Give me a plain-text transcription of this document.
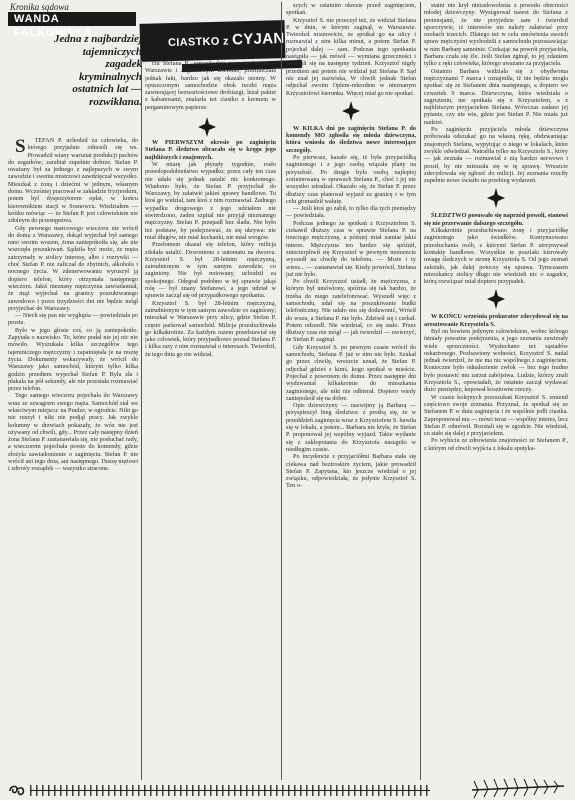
Kronika sądowa
WANDA FALKOWSKA
CIASTKO z CYJANKIEM
Jedna z najbardziej tajemniczych zagadek kryminalnych ostatnich lat — rozwikłana.

S TEFAN P. uchodził za człowieka, do którego przyjaźnie odnosili się ws. Prowadził wiany warsztat produkcji pachów do zegarków; zarabiał zupełnie dobrze. Stefan P. uważany był za jednego z najlepszych w swym zawodzie i swemu mistrzowi zawdzięczał wszystko. Mieszkał z żoną i dziećmi w jednym, własnym domu. Wcześniej pracował w zakładzie fryzjerskim, potem był dyspozytorem opłat, w końcu kierownikiem stacji w Sosnowcu. Wiedziałem — krótko mówiąc — że Stefan P. jest człowiekiem nie zdolnym do przestępstwa.

Gdy pewnego marcowego wieczoru nie wrócił do domu z Warszawy, dokąd wyjechał był samego rano swoim wozem, żona zaniepokoiła się, ale nie wszczęła poszukiwań. Sądziła być może, że męża zatrzymały w stolicy interesy, albo i rozrywki — choć Stefan P. nie zaliczał do zbytnich, alkoholu i nocnego życia. W zdenerwowaniu wyruszył ją dopiero telefon, który otrzymała następnego wieczoru. Jakiś nieznany mężczyzna zawiadamiał, że mąż wyjechał na granicy poszukiwanego zawodowo i przez trzydzieści dni nie będzie mógł przyjechać do Warszawy.

— Niech się pan nie wygłupia — powiedziała po prostu.

Było w jego głosie coś, co ją zaniepokoiło. Zapytała o nazwisko. To, które podał nie jej nic nie mówiło. Wyszukała kilka szczegółów tego tajemniczego mężczyzny i zapamiętała je na resztę życia. Dokumenty wskazywały, że wrócił do Warszawy jako samochód, którym tylko kilka godzin przedtem wyjechał Stefan P. Była zła i płakała na pół sekundy, ale nie przestała rozmawiać przez telefon.

Tego samego wieczoru pojechała do Warszawy wraz ze szwagrem swego męża. Samochód stał we właściwym miejscu: na Pradze, w ogrodzie. Nikt go nie ruszył i nikt nie podjął pracy. Jak zwykle kolumny w drzwiach pokazały, że wóz nie jest używany od chwili, gdy... Przez cały następny dzień żona Stefana P. zastanawiała się, nie posłuchać rady, a wieczorem pojechała prosto do komendy, gdzie złożyła zawiadomienie o zaginięciu. Stefan P. nie wrócił ani tego dnia, ani następnego. Duszę mężowi i zdrowy rozsądek — wszystko stracone.

ciu Stefana P., samochodzie pozostawionym w Warszawie i zagadkowym telefonie, przemilczała jednak fakt, bardzo jak się okazało istotny. W opuszczonym samochodzie obok teczki męża zawierającej bezwartościowe drobiazgi, leżał pakiet z kabanosami, znalazła też ciastko z kremem w pergaminowym papierze.

W PIERWSZYM okresie po zaginięciu Stefana P. śledztwo obracało się w kręgu jego najbliższych i znajomych.

W miarę jak płynęły tygodnie, rosło prawdopodobieństwo wypadku; przez cały ten czas nie udało się jednak ustalić nic konkretnego. Wiadomo było, że Stefan P. przyjechał do Warszawy, by załatwić jakieś sprawy handlowe. Tu ktoś go widział, tam ktoś z nim rozmawiał. Żadnego wypadku drogowego z jego udziałem nie stwierdzono, żaden szpital nie przyjął nieznanego mężczyzny. Stefan P. przepadł bez śladu. Nie było też podstaw, by podejrzewać, że się ukrywa: nie miał długów, nie miał kochanki, nie miał wrogów.

Przełomem okazał się telefon, który milicja zdołała ustalić. Dzwoniono z automatu na dworcu. Krzysztof S. był 28-letnim mężczyzną, zatrudnionym w tym samym zawodzie, co zaginiony. Nie był notowany, uchodził za spokojnego. Odegrał podobno w tej sprawie jakąś rolę — był znany Stefanowi, a jego udział w sprawie zaczął się od przypadkowego spotkania.

Krzysztof S. był 28-letnim mężczyzną, zatrudnionym w tym samym zawodzie co zaginiony; mieszkał w Warszawie przy ulicy, gdzie Stefan P. często parkował samochód. Milicja przesłuchiwała go kilkakrotnie. Za każdym razem przedstawiał się jako człowiek, który przypadkowo poznał Stefana P. i kilka razy z nim rozmawiał o interesach. Twierdził, że tego dnia go nie widział.

szych w ostatnim okresie przed zaginięciem, spotkań.

Krzysztof S. nie przeczył też, że widział Stefana P. w dniu, w którym zaginął, w Warszawie. Twierdził mianowicie, że spotkał go na ulicy i rozmawiał z nim kilka minut, a potem Stefan P. pojechał dalej — sam. Podczas tego spotkania nastąpiła — jak mówił — wymiana grzeczności i umówili się na następny tydzień. Krzysztof nigdy przedtem ani potem nie widział już Stefana P. Sąd nie znał jej nazwiska, W chwili jednak Stefan odjechał swoim Oplem-rekordem w nieznanym Krzysztofowi kierunku. Więcej miał go nie spotkać.

W KILKA dni po zaginięciu Stefana P. do komendy MO zgłosiła się młoda dziewczyna, która wniosła do śledztwa nowe interesujące szczegóły.

Po pierwsze, kazało się, iż była przyjaciółką zaginionego i z jego osobą wiązała plany na przyszłość. Po drugie była osobą najlepiej zorientowaną w sprawach Stefana P., choć i jej nie wszystko zdradzał. Okazało się, że Stefan P. przez dłuższy czas planował wyjazd za granicę i w tym celu gromadził walutę.

— Jeśli ktoś go zabił, to tylko dla tych pieniędzy — powiedziała.

Podczas jednego ze spotkań z Krzysztofem S. ciekawił dłuższy czas w sprawie Stefana P. na trzeciego mężczyznę, a później miał zamiar jakiś interes. Mężczyzna ten bardzo się spóźnił, zniecierpliwił się Krzysztof w pewnym momencie wyszedł na chwilę do telefonu. — Może i ty wiesz... — zastanawiał się. Kiedy powrócił, Stefana już nie było.

Po chwili Krzysztof usiadł, że mężczyzna, z którym był umówiony, spóźnia się tak bardzo, że trzeba do niego zatelefonować. Wyszedł więc z samochodu, udał się na poszukiwanie budki telefonicznej. Nie udało mu się dodzwonić, Wrócił do wozu, a Stefana P. nie było. Zdziwił się i czekał. Potem odszedł. Nie wiedział, co się stało. Przez dłuższy czas nie mógł — jak twierdził — uwierzyć, że Stefan P. zaginął.

Gdy Krzysztof S. po pewnym czasie wrócił do samochodu, Stefana P. już w nim nie było. Szukał go przez chwilę, wreszcie uznał, że Stefan P. odjechał gdzieś z kimś, kogo spotkał w mieście. Pojechał z powrotem do domu. Przez następne dni wydzwaniał kilkakrotnie do mieszkania zaginionego, ale nikt nie odbierał. Dopiero wtedy zaniepokoił się na dobre.

Opis dziewczyny — nazwijmy ją Barbarą — przyspieszył bieg śledztwa: z prośbą się, że w przeddzień zaginięcia wraz z Krzysztofem S. bawiła się w lokalu, a potem... Barbara nie kryła, że Stefan P. proponował jej wspólny wyjazd. Takie wydanie się z zakłopotania do Krzysztofa nastąpiło w niedługim czasie.

Po incydencie z przyjaciółmi Barbara stała się ciekawa nad beztroskim życiem, jakie prowadził Stefan P. Zapytana, kto jeszcze wiedział o jej związku, odpowiedziała, że jedynie Krzysztof S. Ten o-

statni nie krył niezadowolenia z powodu obecności młodej dziewczyny. Wystąpował nawet do Stefana z pretensjami, że nie przyjedzie sam i twierdził uporczywie, iż interesów nie należy załatwiać przy osobach trzecich. Dlatego też w celu umówienia swoich spraw mężczyźni wychodzili z samochodu pozostawiając w nim Barbarę samotnie. Czekając na powrót przyjaciela, Barbara czuła się źle. Jeśli Stefan zginął, to jej zdaniem tylko z ręki człowieka, którego uważano za przyjaciela.

Ostatnio Barbara widziała się z obydwoma mężczyznami 7 marca i oznajmiła, iż nie będzie mogła spotkać się ze Stefanem dnia następnego, a dopiero we czwartek 9 marca. Dziewczyna, która wiedziała o zagrożeniu, nie spotkała się z Krzysztofem, a z najbliższym przyjacielem Stefana. Wówczas zadano jej pytanie, czy nie wie, gdzie jest Stefan P. Nie miała już nadziei.

Po zaginięciu przyjaciela młoda dziewczyna próbowała odszukać go na własną rękę, obdzwaniając znajomych Stefana, wypytując o niego w lokalach, które zwykle odwiedzał. Natrafiła tylko na Krzysztofa S., który — jak zeznała — rozmawiał z nią bardzo nerwowo i prosił, by nie mieszała się w tę sprawę. Wreszcie zdecydowała się zgłosić do milicji. Jej zeznania rzuciły zupełnie nowe światło na przebieg wydarzeń.

ŚLEDZTWO posuwało się naprzód powoli, stanowi się nie przerwanie dalszego szczegółu.

Kilkakrotnie przesłuchiwano żonę i przyjaciółkę zaginionego jako świadków. Kontynuowano przesłuchania osób, z którymi Stefan P. utrzymywał kontakty handlowe. Wszystkie te poszlaki kierowały uwagę śledczych w stronę Krzysztofa S. Od jego zeznań zależało, jak dalej potoczy się sprawa. Tymczasem mieszkańcy stolicy długo nie wiedzieli nic o zagadce, którą rozwiązać miał dopiero przypadek.

W KOŃCU września prokurator zdecydował się na aresztowanie Krzysztofa S.

Był on bowiem jedynym człowiekiem, wobec którego istniały poważne podejrzenia, a jego zeznania zawierały wiele sprzeczności. Wysłuchano też sąsiadów oskarżonego. Pozbawiony wolności, Krzysztof S. nadal jednak twierdził, że nie ma nic wspólnego z zaginięciem. Konieczne było odnalezienie zwłok — bez tego trudno było postawić mu zarzut zabójstwa. Ludzie, którzy znali Krzysztofa S., opowiadali, że ostatnio zaczął wydawać dużo pieniędzy, kupował kosztowne rzeczy.

W czasie kolejnych przeszukań Krzysztof S. zmienił częściowo swoje zeznania. Przyznał, że spotkał się ze Stefanem P. w dniu zaginięcia i że wspólnie jedli ciastka. Zaproponował mu — mówi teraz — wspólny interes, lecz Stefan P. odmówił. Rozstali się w zgodzie. Nie wiedział, co stało się dalej z przyjacielem.

Po wybiciu ze zdrowienia znajomości ze Stefanem P., z którym od chwili wyjścia z lokalu spotyka-
